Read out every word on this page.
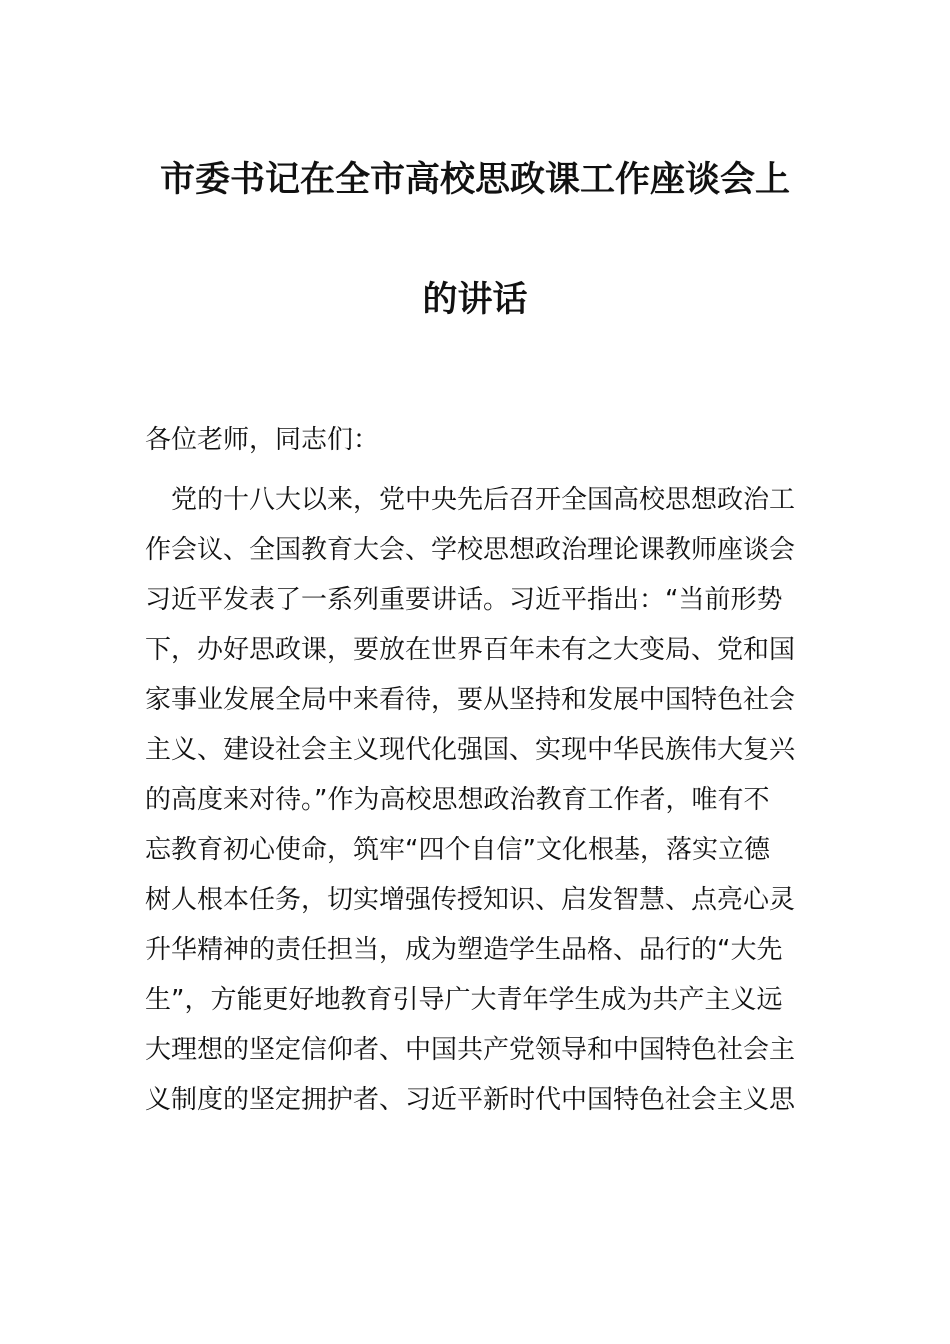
市委书记在全市高校思政课工作座谈会上
的讲话
各位老师，同志们：
　党的十八大以来，党中央先后召开全国高校思想政治工
作会议、全国教育大会、学校思想政治理论课教师座谈会
习近平发表了一系列重要讲话。习近平指出：“当前形势
下，办好思政课，要放在世界百年未有之大变局、党和国
家事业发展全局中来看待，要从坚持和发展中国特色社会
主义、建设社会主义现代化强国、实现中华民族伟大复兴
的高度来对待。”作为高校思想政治教育工作者，唯有不
忘教育初心使命，筑牢“四个自信”文化根基，落实立德
树人根本任务，切实增强传授知识、启发智慧、点亮心灵
升华精神的责任担当，成为塑造学生品格、品行的“大先
生”，方能更好地教育引导广大青年学生成为共产主义远
大理想的坚定信仰者、中国共产党领导和中国特色社会主
义制度的坚定拥护者、习近平新时代中国特色社会主义思
